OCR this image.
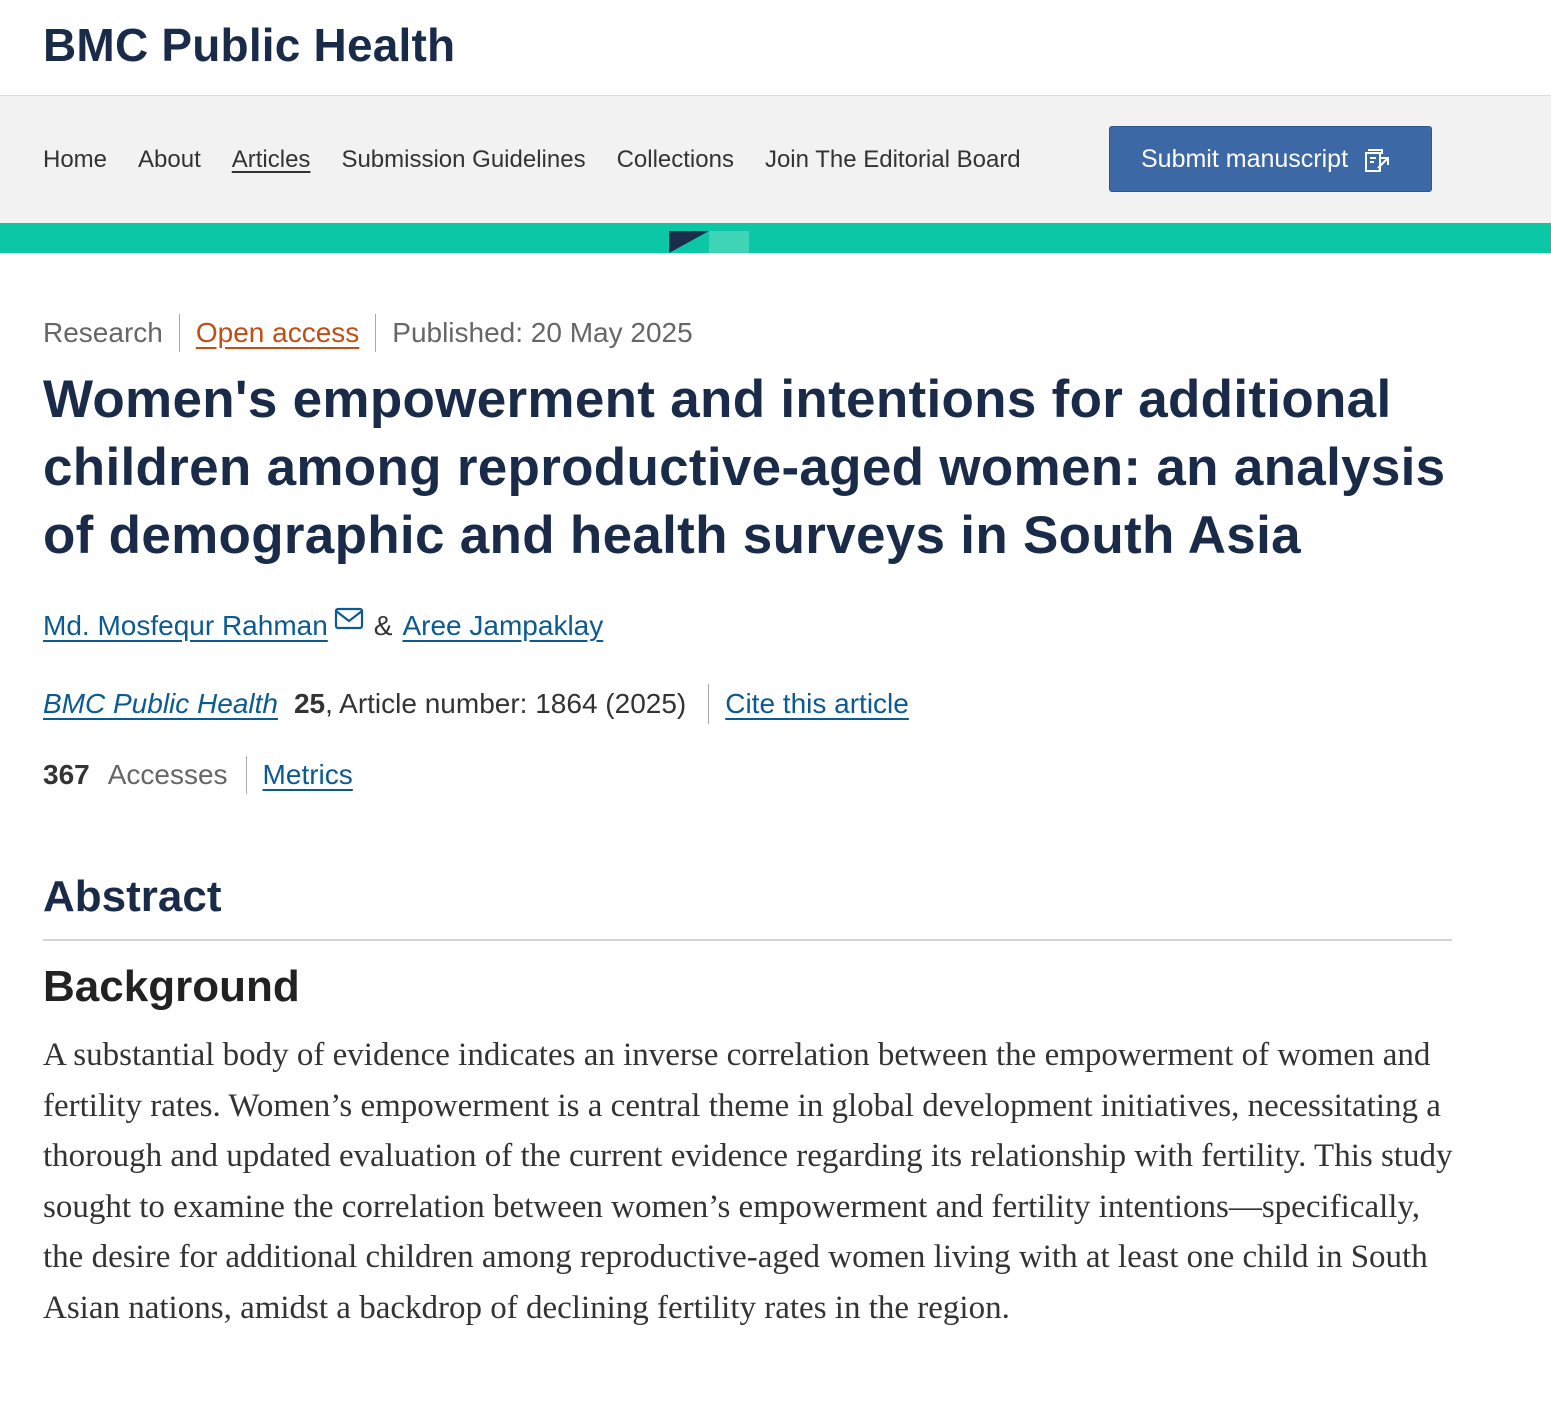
BMC Public Health
Home About Articles Submission Guidelines Collections Join The Editorial Board	Submit manuscript
Research Open access Published: 20 May 2025
Women's empowerment and intentions for additional children among reproductive-aged women: an analysis of demographic and health surveys in South Asia
Md. Mosfequr Rahman & Aree Jampaklay
BMC Public Health 25 , Article number: 1864 (2025) Cite this article
367 Accesses Metrics
Abstract
Background

A substantial body of evidence indicates an inverse correlation between the empowerment of women and fertility rates. Women’s empowerment is a central theme in global development initiatives, necessitating a thorough and updated evaluation of the current evidence regarding its relationship with fertility. This study sought to examine the correlation between women’s empowerment and fertility intentions—specifically, the desire for additional children among reproductive-aged women living with at least one child in South Asian nations, amidst a backdrop of declining fertility rates in the region.
